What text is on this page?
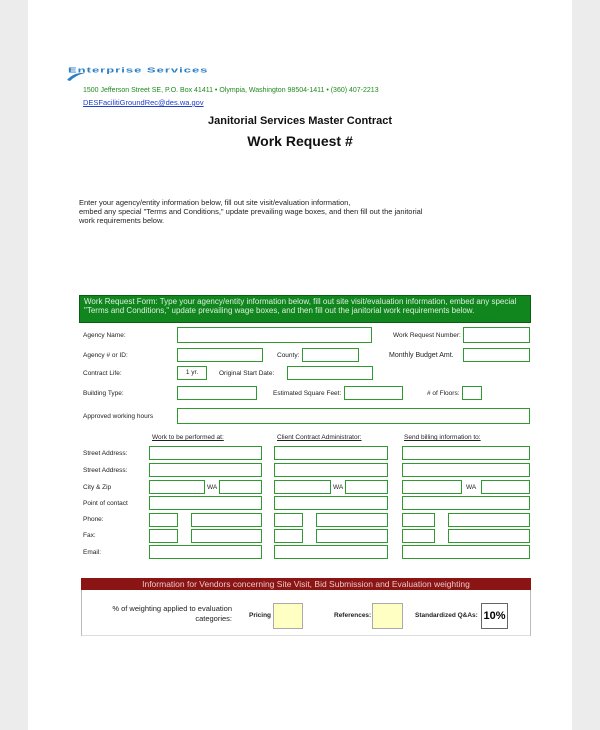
Enterprise Services
1500 Jefferson Street SE, P.O. Box 41411 • Olympia, Washington 98504-1411 • (360) 407-2213
DESFacilitiGroundRec@des.wa.gov
Janitorial Services Master Contract
Work Request #
Enter your agency/entity information below, fill out site visit/evaluation information,
embed any special "Terms and Conditions," update prevailing wage boxes, and then fill out the janitorial
work requirements below.
Work Request Form: Type your agency/entity information below, fill out site visit/evaluation information, embed any special "Terms and Conditions," update prevailing wage boxes, and then fill out the janitorial work requirements below.
Agency Name:	Work Request Number:
Agency # or ID:	County:	Monthly Budget Amt.
Contract Life:	1 yr.	Original Start Date:
Building Type:	Estimated Square Feet:	# of Floors:
Approved working hours
Work to be performed at:	Client Contract Administrator:	Send billing information to:
Street Address:
Street Address:
City & Zip	WA	WA	WA
Point of contact
Phone:
Fax:
Email:
Information for Vendors concerning Site Visit, Bid Submission and Evaluation weighting
% of weighting applied to evaluation
categories:	Pricing	References:	Standardized Q&As: 10%
